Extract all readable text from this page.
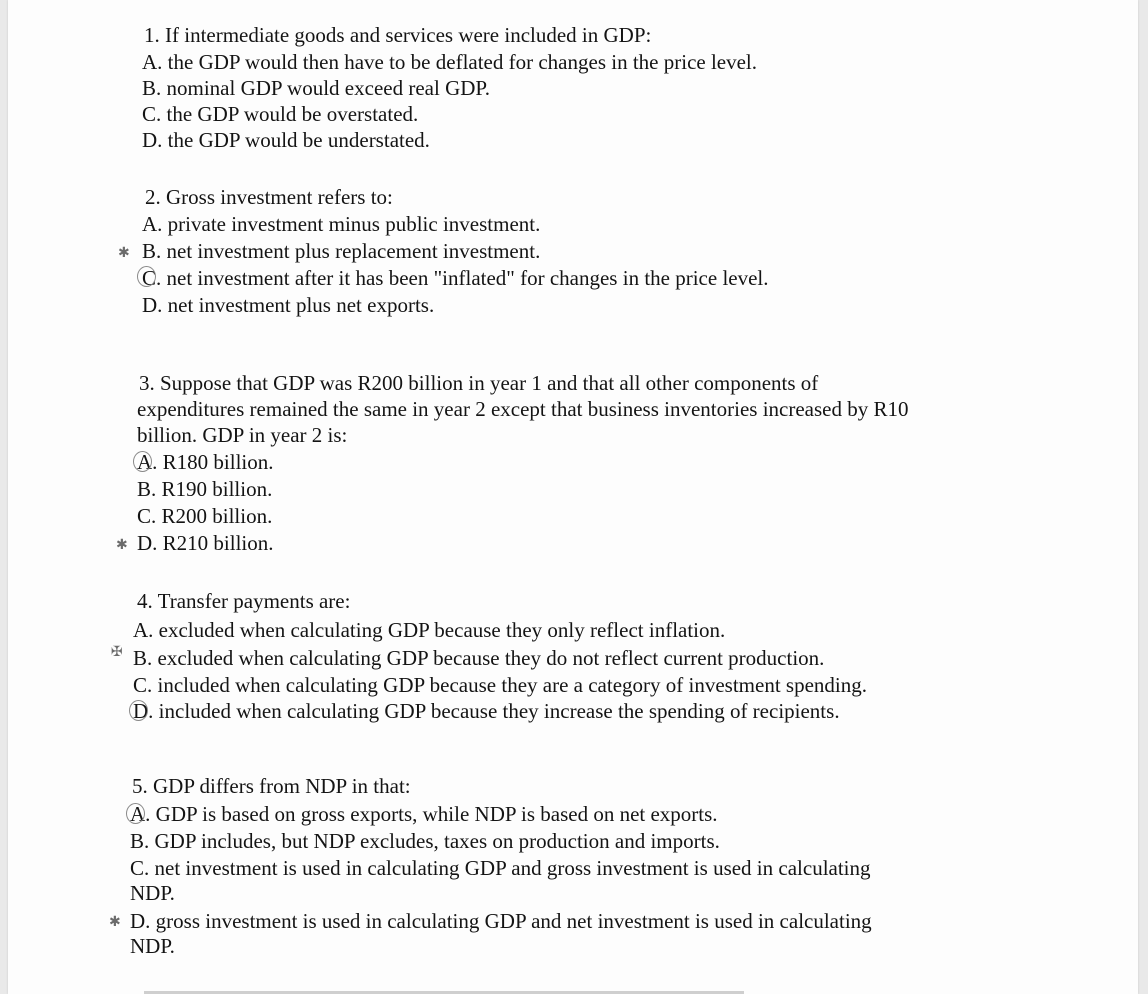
1. If intermediate goods and services were included in GDP:
A. the GDP would then have to be deflated for changes in the price level.
B. nominal GDP would exceed real GDP.
C. the GDP would be overstated.
D. the GDP would be understated.
2. Gross investment refers to:
A. private investment minus public investment.
B. net investment plus replacement investment.
C. net investment after it has been "inflated" for changes in the price level.
D. net investment plus net exports.
✱
3. Suppose that GDP was R200 billion in year 1 and that all other components of
expenditures remained the same in year 2 except that business inventories increased by R10
billion. GDP in year 2 is:
A. R180 billion.
B. R190 billion.
C. R200 billion.
D. R210 billion.
✱
4. Transfer payments are:
A. excluded when calculating GDP because they only reflect inflation.
B. excluded when calculating GDP because they do not reflect current production.
C. included when calculating GDP because they are a category of investment spending.
D. included when calculating GDP because they increase the spending of recipients.
✠
5. GDP differs from NDP in that:
A. GDP is based on gross exports, while NDP is based on net exports.
B. GDP includes, but NDP excludes, taxes on production and imports.
C. net investment is used in calculating GDP and gross investment is used in calculating
NDP.
D. gross investment is used in calculating GDP and net investment is used in calculating
NDP.
✱
